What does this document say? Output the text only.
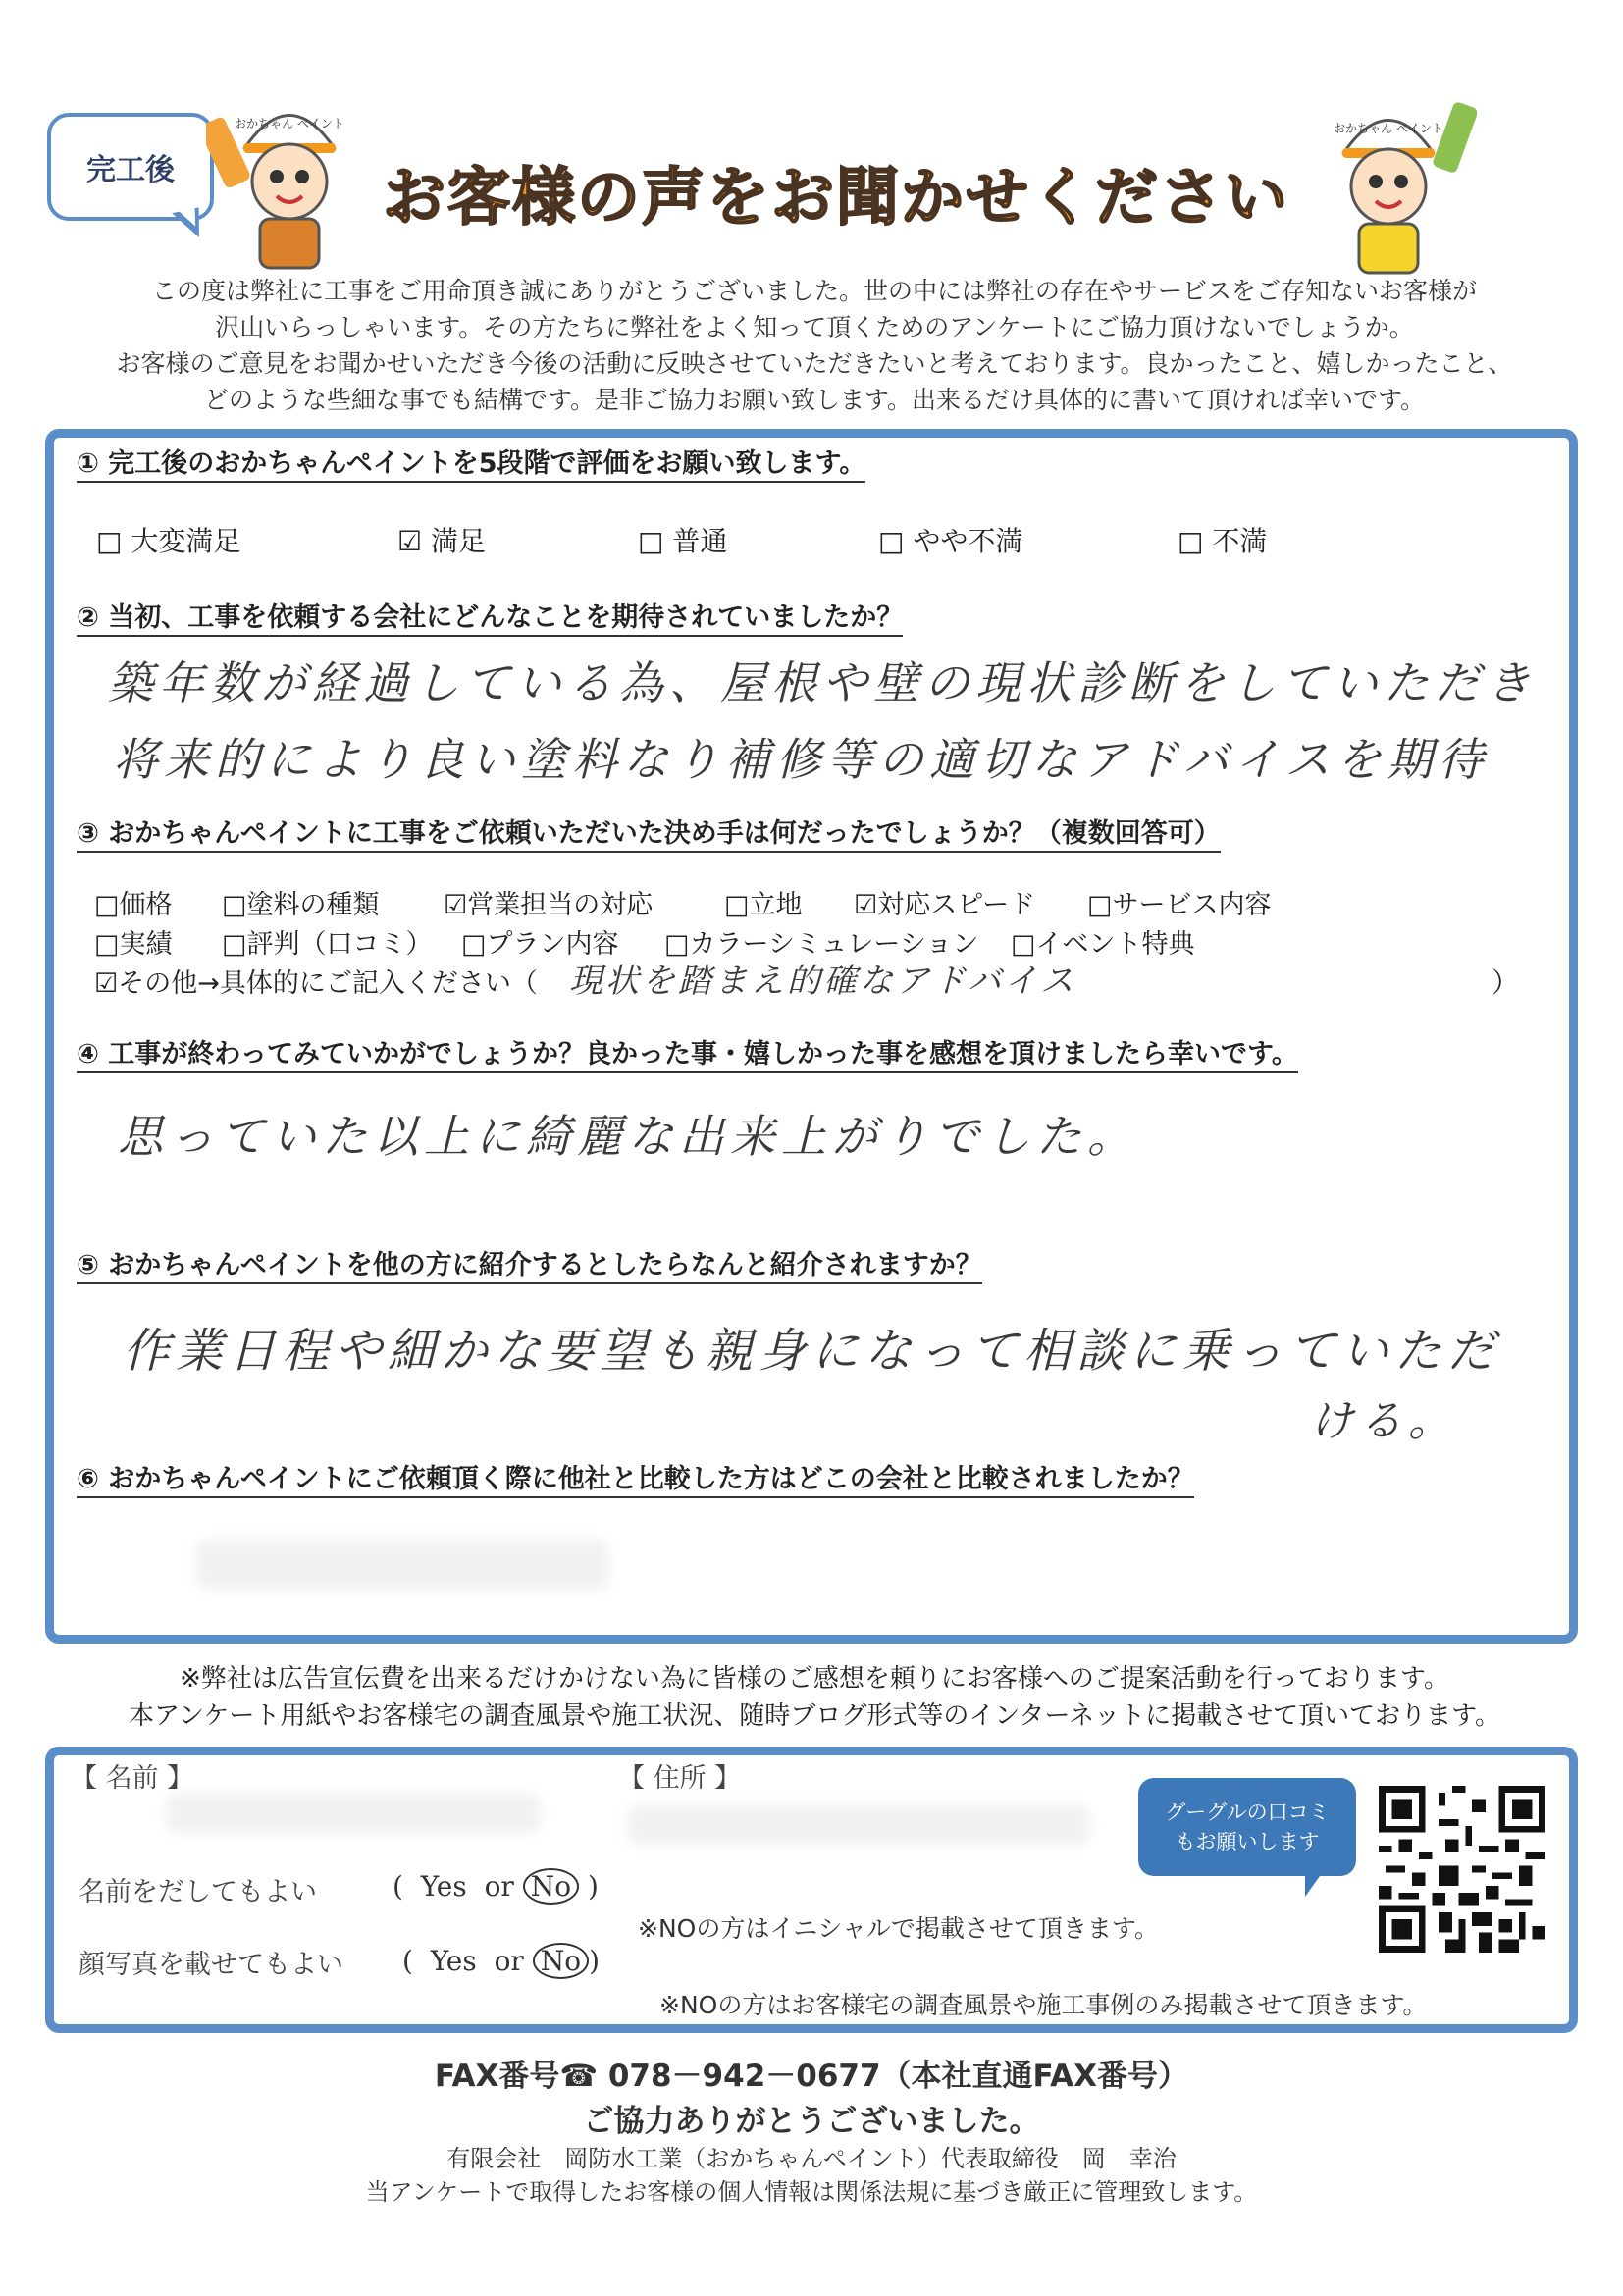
完工後
おかちゃん ペイント
お客様の声をお聞かせください
おかちゃん ペイント
この度は弊社に工事をご用命頂き誠にありがとうございました。世の中には弊社の存在やサービスをご存知ないお客様が
沢山いらっしゃいます。その方たちに弊社をよく知って頂くためのアンケートにご協力頂けないでしょうか。
お客様のご意見をお聞かせいただき今後の活動に反映させていただきたいと考えております。良かったこと、嬉しかったこと、
どのような些細な事でも結構です。是非ご協力お願い致します。出来るだけ具体的に書いて頂ければ幸いです。
① 完工後のおかちゃんペイントを5段階で評価をお願い致します。
□ 大変満足	☑ 満足	□ 普通	□ やや不満	□ 不満
② 当初、工事を依頼する会社にどんなことを期待されていましたか？
築年数が経過している為、屋根や壁の現状診断をしていただき
将来的により良い塗料なり補修等の適切なアドバイスを期待
③ おかちゃんペイントに工事をご依頼いただいた決め手は何だったでしょうか？（複数回答可）
□価格 □塗料の種類 ☑営業担当の対応	□立地 ☑対応スピード □サービス内容
□実績 □評判（口コミ） □プラン内容 □カラーシミュレーション □イベント特典
☑その他→具体的にご記入ください（ 現状を踏まえ的確なアドバイス	）
④ 工事が終わってみていかがでしょうか？良かった事・嬉しかった事を感想を頂けましたら幸いです。
思っていた以上に綺麗な出来上がりでした。
⑤ おかちゃんペイントを他の方に紹介するとしたらなんと紹介されますか？
作業日程や細かな要望も親身になって相談に乗っていただ
ける。
⑥ おかちゃんペイントにご依頼頂く際に他社と比較した方はどこの会社と比較されましたか？
※弊社は広告宣伝費を出来るだけかけない為に皆様のご感想を頼りにお客様へのご提案活動を行っております。
本アンケート用紙やお客様宅の調査風景や施工状況、随時ブログ形式等のインターネットに掲載させて頂いております。
【 名前 】	【 住所 】
名前をだしてもよい	( Yes or No )
※NOの方はイニシャルで掲載させて頂きます。
顔写真を載せてもよい ( Yes or No )
※NOの方はお客様宅の調査風景や施工事例のみ掲載させて頂きます。
グーグルの口コミ
もお願いします
FAX番号☎ 078－942－0677（本社直通FAX番号）
ご協力ありがとうございました。
有限会社　岡防水工業（おかちゃんペイント）代表取締役　岡　幸治
当アンケートで取得したお客様の個人情報は関係法規に基づき厳正に管理致します。
